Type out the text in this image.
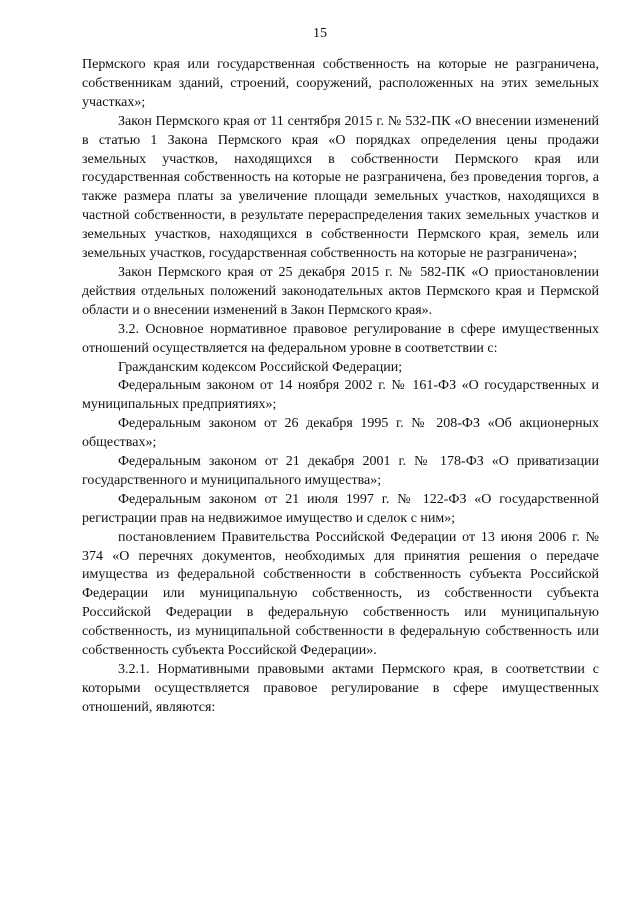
15

Пермского края или государственная собственность на которые не разграничена, собственникам зданий, строений, сооружений, расположенных на этих земельных участках»;

Закон Пермского края от 11 сентября 2015 г. № 532-ПК «О внесении изменений в статью 1 Закона Пермского края «О порядках определения цены продажи земельных участков, находящихся в собственности Пермского края или государственная собственность на которые не разграничена, без проведения торгов, а также размера платы за увеличение площади земельных участков, находящихся в частной собственности, в результате перераспределения таких земельных участков и земельных участков, находящихся в собственности Пермского края, земель или земельных участков, государственная собственность на которые не разграничена»;

Закон Пермского края от 25 декабря 2015 г. № 582-ПК «О приостановлении действия отдельных положений законодательных актов Пермского края и Пермской области и о внесении изменений в Закон Пермского края».

3.2. Основное нормативное правовое регулирование в сфере имущественных отношений осуществляется на федеральном уровне в соответствии с:

Гражданским кодексом Российской Федерации;

Федеральным законом от 14 ноября 2002 г. № 161-ФЗ «О государственных и муниципальных предприятиях»;

Федеральным законом от 26 декабря 1995 г. № 208-ФЗ «Об акционерных обществах»;

Федеральным законом от 21 декабря 2001 г. № 178-ФЗ «О приватизации государственного и муниципального имущества»;

Федеральным законом от 21 июля 1997 г. № 122-ФЗ «О государственной регистрации прав на недвижимое имущество и сделок с ним»;

постановлением Правительства Российской Федерации от 13 июня 2006 г. № 374 «О перечнях документов, необходимых для принятия решения о передаче имущества из федеральной собственности в собственность субъекта Российской Федерации или муниципальную собственность, из собственности субъекта Российской Федерации в федеральную собственность или муниципальную собственность, из муниципальной собственности в федеральную собственность или собственность субъекта Российской Федерации».

3.2.1. Нормативными правовыми актами Пермского края, в соответствии с которыми осуществляется правовое регулирование в сфере имущественных отношений, являются:
